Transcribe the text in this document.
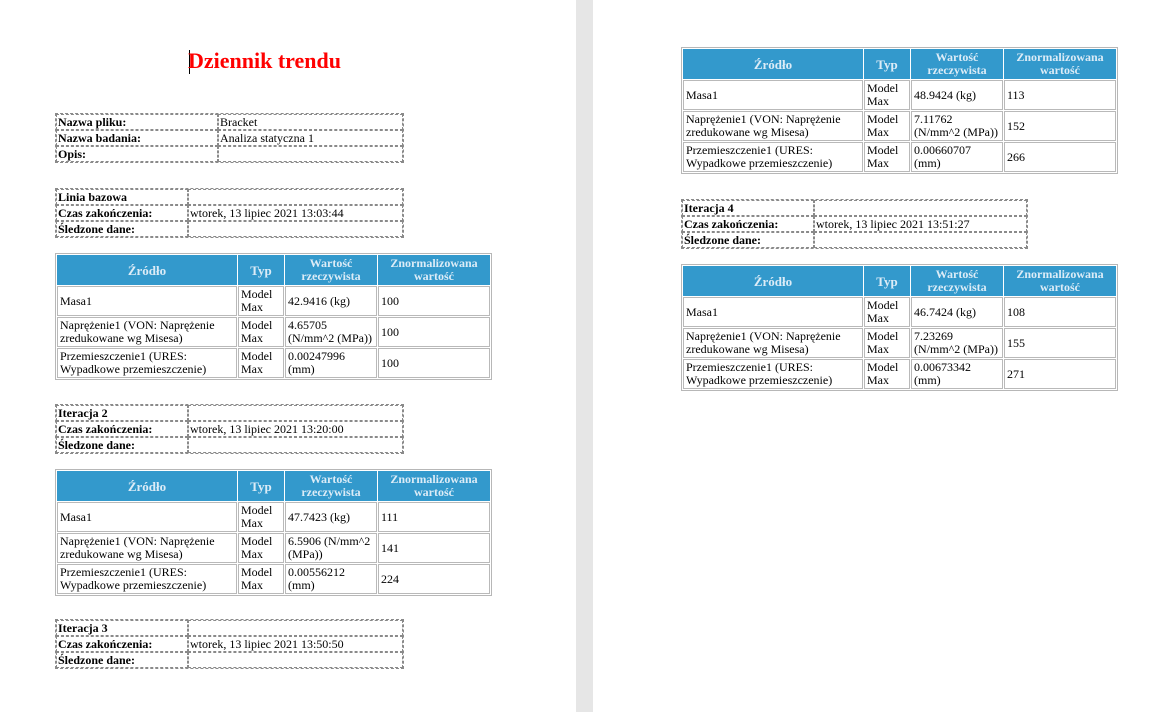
Dziennik trendu
Nazwa pliku:	Bracket
Nazwa badania:	Analiza statyczna 1
Opis:	
Linia bazowa	
Czas zakończenia:	wtorek, 13 lipiec 2021 13:03:44
Śledzone dane:	
Źródło	Typ	Wartość rzeczywista	Znormalizowana wartość
Masa1	Model Max	42.9416 (kg)	100
Naprężenie1 (VON: Naprężenie zredukowane wg Misesa)	Model Max	4.65705 (N/mm^2 (MPa))	100
Przemieszczenie1 (URES: Wypadkowe przemieszczenie)	Model Max	0.00247996 (mm)	100
Iteracja 2	
Czas zakończenia:	wtorek, 13 lipiec 2021 13:20:00
Śledzone dane:	
Źródło	Typ	Wartość rzeczywista	Znormalizowana wartość
Masa1	Model Max	47.7423 (kg)	111
Naprężenie1 (VON: Naprężenie zredukowane wg Misesa)	Model Max	6.5906 (N/mm^2 (MPa))	141
Przemieszczenie1 (URES: Wypadkowe przemieszczenie)	Model Max	0.00556212 (mm)	224
Iteracja 3	
Czas zakończenia:	wtorek, 13 lipiec 2021 13:50:50
Śledzone dane:	
Źródło	Typ	Wartość rzeczywista	Znormalizowana wartość
Masa1	Model Max	48.9424 (kg)	113
Naprężenie1 (VON: Naprężenie zredukowane wg Misesa)	Model Max	7.11762 (N/mm^2 (MPa))	152
Przemieszczenie1 (URES: Wypadkowe przemieszczenie)	Model Max	0.00660707 (mm)	266
Iteracja 4	
Czas zakończenia:	wtorek, 13 lipiec 2021 13:51:27
Śledzone dane:	
Źródło	Typ	Wartość rzeczywista	Znormalizowana wartość
Masa1	Model Max	46.7424 (kg)	108
Naprężenie1 (VON: Naprężenie zredukowane wg Misesa)	Model Max	7.23269 (N/mm^2 (MPa))	155
Przemieszczenie1 (URES: Wypadkowe przemieszczenie)	Model Max	0.00673342 (mm)	271
